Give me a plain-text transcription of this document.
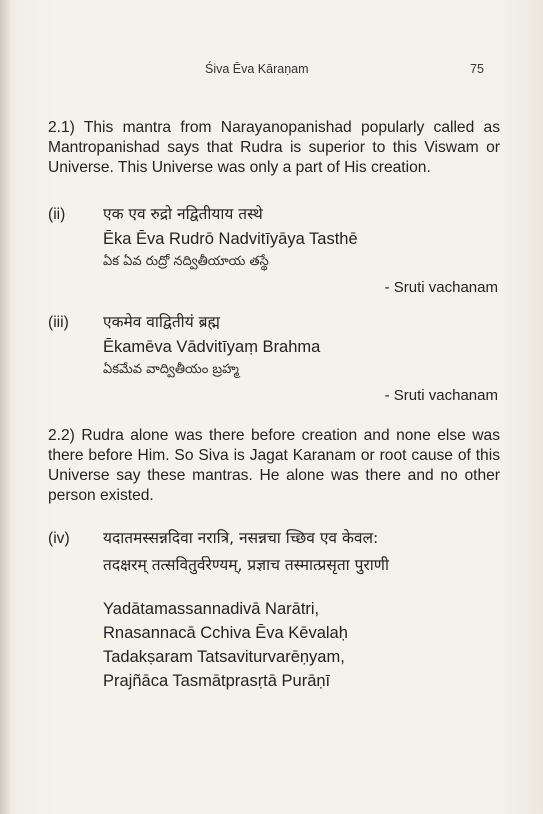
Śiva Ēva Kāraṇam	75

2.1) This mantra from Narayanopanishad popularly called as Mantropanishad says that Rudra is superior to this Viswam or Universe. This Universe was only a part of His creation.

(ii)	एक एव रुद्रो नद्वितीयाय तस्थे
Ēka Ēva Rudrō Nadvitīyāya Tasthē
ఏక ఏవ రుద్రో నద్వితీయాయ తస్థే
- Sruti vachanam
(iii)	एकमेव वाद्वितीयं ब्रह्म
Ēkamēva Vādvitīyaṃ Brahma
ఏకమేవ వాద్వితీయం బ్రహ్మ
- Sruti vachanam

2.2) Rudra alone was there before creation and none else was there before Him. So Siva is Jagat Karanam or root cause of this Universe say these mantras. He alone was there and no other person existed.

(iv)	यदातमस्सन्नदिवा नरात्रि, नसन्नचा च्छिव एव केवल:
तदक्षरम् तत्सवितुर्वरेण्यम्, प्रज्ञाच तस्मात्प्रसृता पुराणी
Yadātamassannadivā Narātri,
Rnasannacā Cchiva Ēva Kēvalaḥ
Tadakṣaram Tatsaviturvarēṇyam,
Prajñāca Tasmātprasṛtā Purāṇī
